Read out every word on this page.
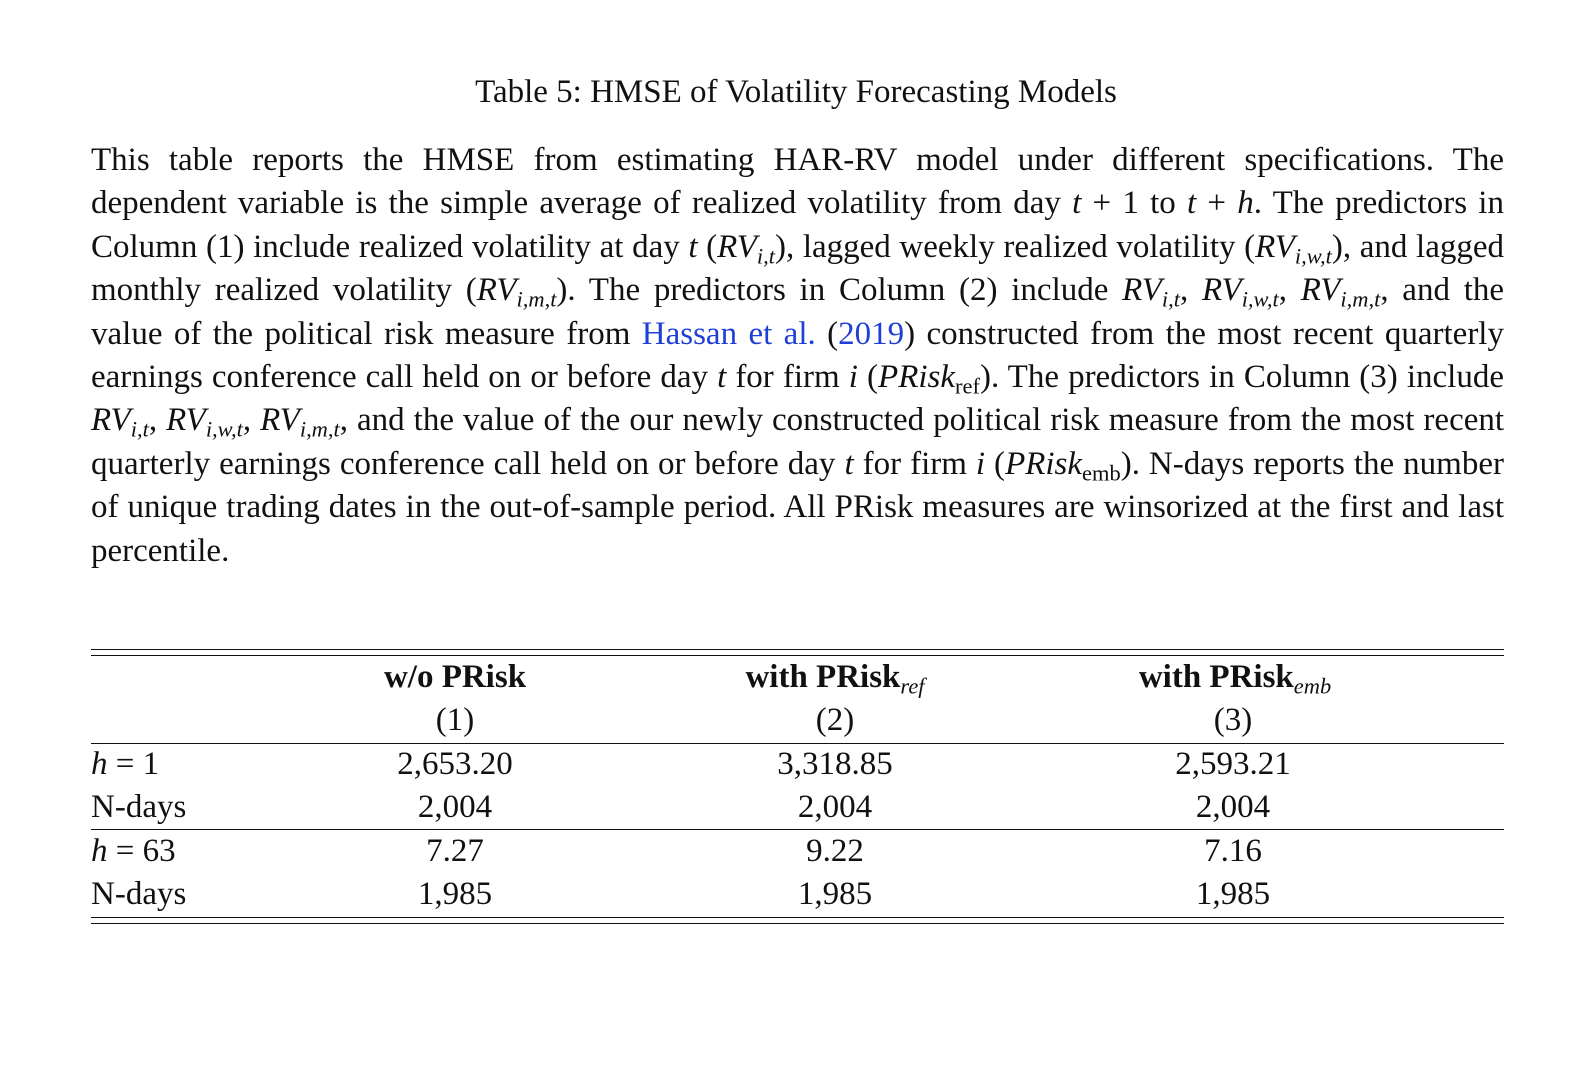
Table 5: HMSE of Volatility Forecasting Models

This table reports the HMSE from estimating HAR-RV model under different specifications. The dependent variable is the simple average of realized volatility from day t + 1 to t + h. The predictors in Column (1) include realized volatility at day t $(RV_{i,t})$, lagged weekly realized volatility $(RV_{i,w,t})$, and lagged monthly realized volatility $(RV_{i,m,t})$. The predictors in Column (2) include $RV_{i,t}$, $RV_{i,w,t}$, $RV_{i,m,t}$, and the value of the political risk measure from Hassan et al. (2019) constructed from the most recent quarterly earnings conference call held on or before day t for firm i (PRisk$_{ref}$). The predictors in Column (3) include $RV_{i,t}$, $RV_{i,w,t}$, $RV_{i,m,t}$, and the value of the our newly constructed political risk measure from the most recent quarterly earnings conference call held on or before day t for firm i (PRisk$_{emb}$). N-days reports the number of unique trading dates in the out-of-sample period. All PRisk measures are winsorized at the first and last percentile.

w/o PRisk	with PRisk$_{ref}$	with PRisk$_{emb}$
(1)	(2)	(3)
h = 1	2,653.20	3,318.85	2,593.21
N-days	2,004	2,004	2,004
h = 63	7.27	9.22	7.16
N-days	1,985	1,985	1,985
